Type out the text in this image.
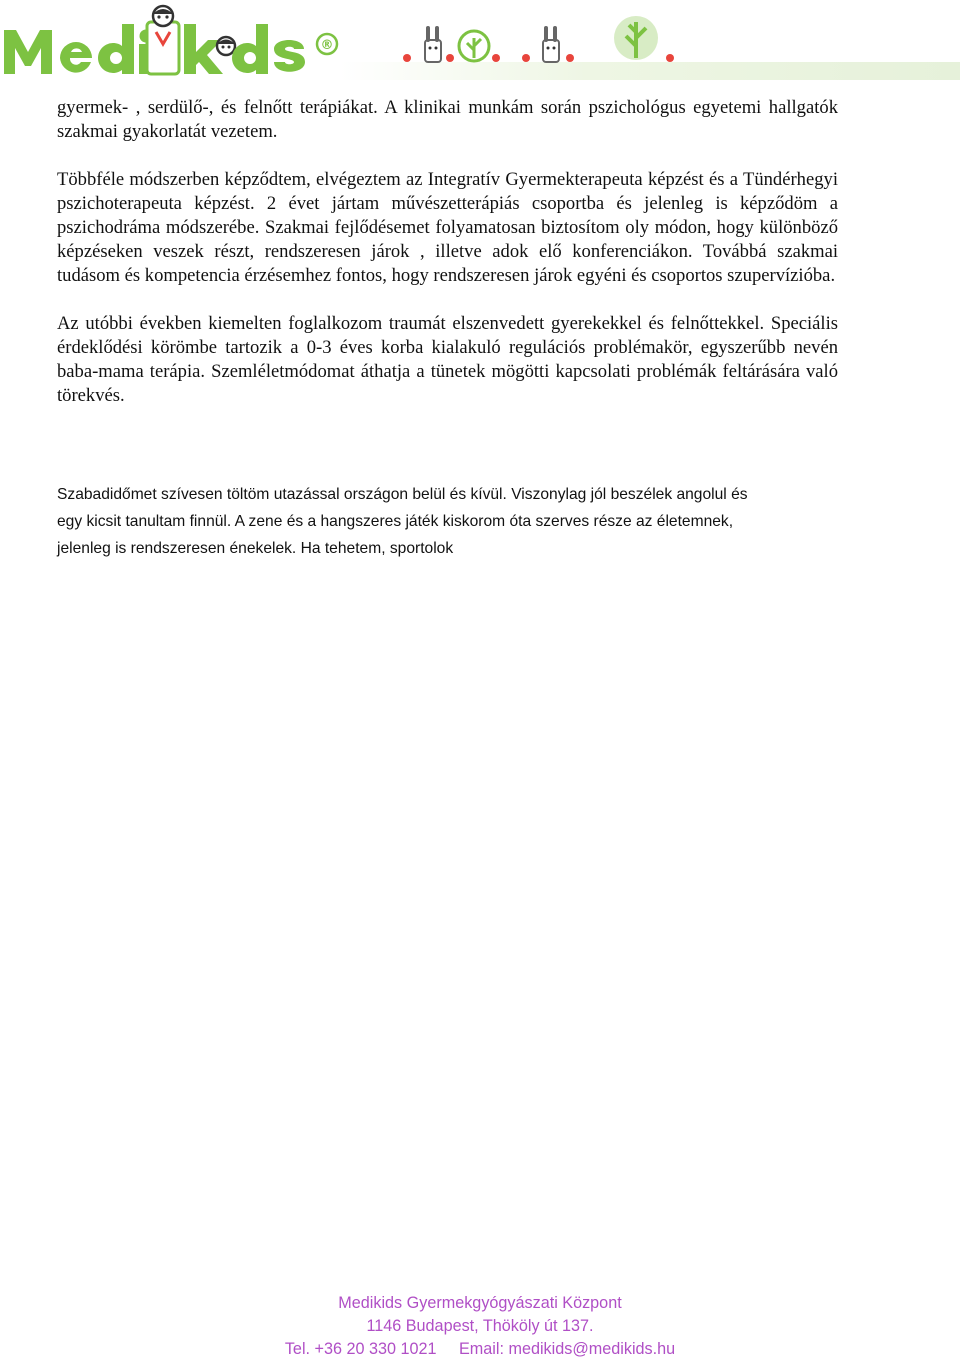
®

gyermek- , serdülő-, és felnőtt terápiákat. A klinikai munkám során pszichológus egyetemi hallgatók szakmai gyakorlatát vezetem.

Többféle módszerben képződtem, elvégeztem az Integratív Gyermekterapeuta képzést és a Tündérhegyi pszichoterapeuta képzést. 2 évet jártam művészetterápiás csoportba és jelenleg is képződöm a pszichodráma módszerébe. Szakmai fejlődésemet folyamatosan biztosítom oly módon, hogy különböző képzéseken veszek részt, rendszeresen járok , illetve adok elő konferenciákon. Továbbá szakmai tudásom és kompetencia érzésemhez fontos, hogy rendszeresen járok egyéni és csoportos szupervízióba.

Az utóbbi években kiemelten foglalkozom traumát elszenvedett gyerekekkel és felnőttekkel. Speciális érdeklődési körömbe tartozik a 0-3 éves korba kialakuló regulációs problémakör, egyszerűbb nevén baba-mama terápia. Szemléletmódomat áthatja a tünetek mögötti kapcsolati problémák feltárására való törekvés.

Szabadidőmet szívesen töltöm utazással országon belül és kívül. Viszonylag jól beszélek angolul és
egy kicsit tanultam finnül. A zene és a hangszeres játék kiskorom óta szerves része az életemnek,
jelenleg is rendszeresen énekelek. Ha tehetem, sportolok
Medikids Gyermekgyógyászati Központ
1146 Budapest, Thököly út 137.
Tel. +36 20 330 1021     Email: medikids@medikids.hu
